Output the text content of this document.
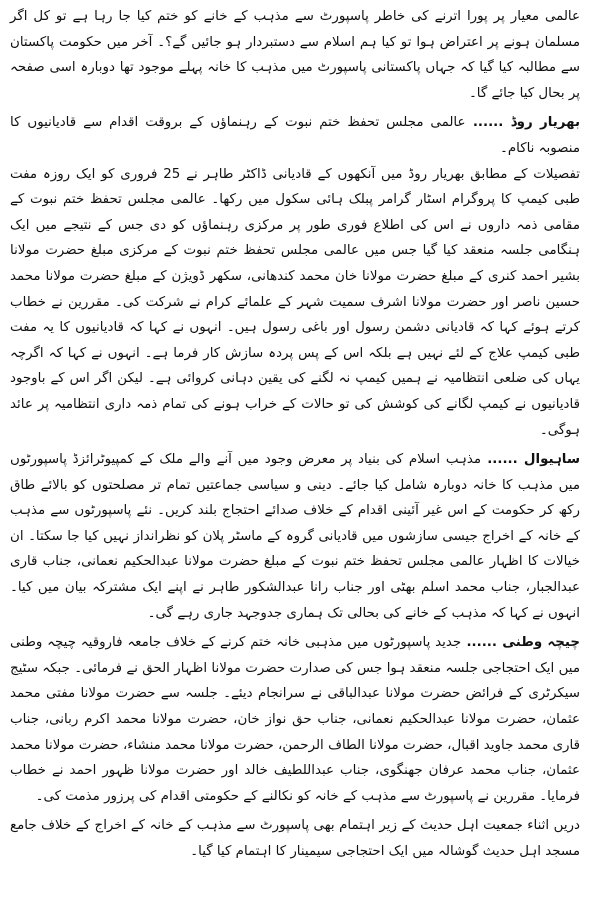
عالمی معیار پر پورا اترنے کی خاطر پاسپورٹ سے مذہب کے خانے کو ختم کیا جا رہا ہے تو کل اگر مسلمان ہونے پر اعتراض ہوا تو کیا ہم اسلام سے دستبردار ہو جائیں گے؟۔ آخر میں حکومت پاکستان سے مطالبہ کیا گیا کہ جہاں پاکستانی پاسپورٹ میں مذہب کا خانہ پہلے موجود تھا دوبارہ اسی صفحہ پر بحال کیا جائے گا۔

بھریار روڈ ...... عالمی مجلس تحفظ ختم نبوت کے رہنماؤں کے بروقت اقدام سے قادیانیوں کا منصوبہ ناکام۔

تفصیلات کے مطابق بھریار روڈ میں آنکھوں کے قادیانی ڈاکٹر طاہر نے 25 فروری کو ایک روزہ مفت طبی کیمپ کا پروگرام اسٹار گرامر پبلک ہائی سکول میں رکھا۔ عالمی مجلس تحفظ ختم نبوت کے مقامی ذمہ داروں نے اس کی اطلاع فوری طور پر مرکزی رہنماؤں کو دی جس کے نتیجے میں ایک ہنگامی جلسہ منعقد کیا گیا جس میں عالمی مجلس تحفظ ختم نبوت کے مرکزی مبلغ حضرت مولانا بشیر احمد کنری کے مبلغ حضرت مولانا خان محمد کندھانی، سکھر ڈویژن کے مبلغ حضرت مولانا محمد حسین ناصر اور حضرت مولانا اشرف سمیت شہر کے علمائے کرام نے شرکت کی۔ مقررین نے خطاب کرتے ہوئے کہا کہ قادیانی دشمن رسول اور باغی رسول ہیں۔ انہوں نے کہا کہ قادیانیوں کا یہ مفت طبی کیمپ علاج کے لئے نہیں ہے بلکہ اس کے پس پردہ سازش کار فرما ہے۔ انہوں نے کہا کہ اگرچہ یہاں کی ضلعی انتظامیہ نے ہمیں کیمپ نہ لگنے کی یقین دہانی کروائی ہے۔ لیکن اگر اس کے باوجود قادیانیوں نے کیمپ لگانے کی کوشش کی تو حالات کے خراب ہونے کی تمام ذمہ داری انتظامیہ پر عائد ہوگی۔

ساہیوال ...... مذہب اسلام کی بنیاد پر معرض وجود میں آنے والے ملک کے کمپیوٹرائزڈ پاسپورٹوں میں مذہب کا خانہ دوبارہ شامل کیا جائے۔ دینی و سیاسی جماعتیں تمام تر مصلحتوں کو بالائے طاق رکھ کر حکومت کے اس غیر آئینی اقدام کے خلاف صدائے احتجاج بلند کریں۔ نئے پاسپورٹوں سے مذہب کے خانہ کے اخراج جیسی سازشوں میں قادیانی گروہ کے ماسٹر پلان کو نظرانداز نہیں کیا جا سکتا۔ ان خیالات کا اظہار عالمی مجلس تحفظ ختم نبوت کے مبلغ حضرت مولانا عبدالحکیم نعمانی، جناب قاری عبدالجبار، جناب محمد اسلم بھٹی اور جناب رانا عبدالشکور طاہر نے اپنے ایک مشترکہ بیان میں کیا۔ انہوں نے کہا کہ مذہب کے خانے کی بحالی تک ہماری جدوجہد جاری رہے گی۔

چیچہ وطنی ...... جدید پاسپورٹوں میں مذہبی خانہ ختم کرنے کے خلاف جامعہ فاروقیہ چیچہ وطنی میں ایک احتجاجی جلسہ منعقد ہوا جس کی صدارت حضرت مولانا اظہار الحق نے فرمائی۔ جبکہ سٹیج سیکرٹری کے فرائض حضرت مولانا عبدالباقی نے سرانجام دیئے۔ جلسہ سے حضرت مولانا مفتی محمد عثمان، حضرت مولانا عبدالحکیم نعمانی، جناب حق نواز خان، حضرت مولانا محمد اکرم ربانی، جناب قاری محمد جاوید اقبال، حضرت مولانا الطاف الرحمن، حضرت مولانا محمد منشاء، حضرت مولانا محمد عثمان، جناب محمد عرفان جھنگوی، جناب عبداللطیف خالد اور حضرت مولانا ظہور احمد نے خطاب فرمایا۔ مقررین نے پاسپورٹ سے مذہب کے خانہ کو نکالنے کے حکومتی اقدام کی پرزور مذمت کی۔

دریں اثناء جمعیت اہل حدیث کے زیر اہتمام بھی پاسپورٹ سے مذہب کے خانہ کے اخراج کے خلاف جامع مسجد اہل حدیث گوشالہ میں ایک احتجاجی سیمینار کا اہتمام کیا گیا۔
